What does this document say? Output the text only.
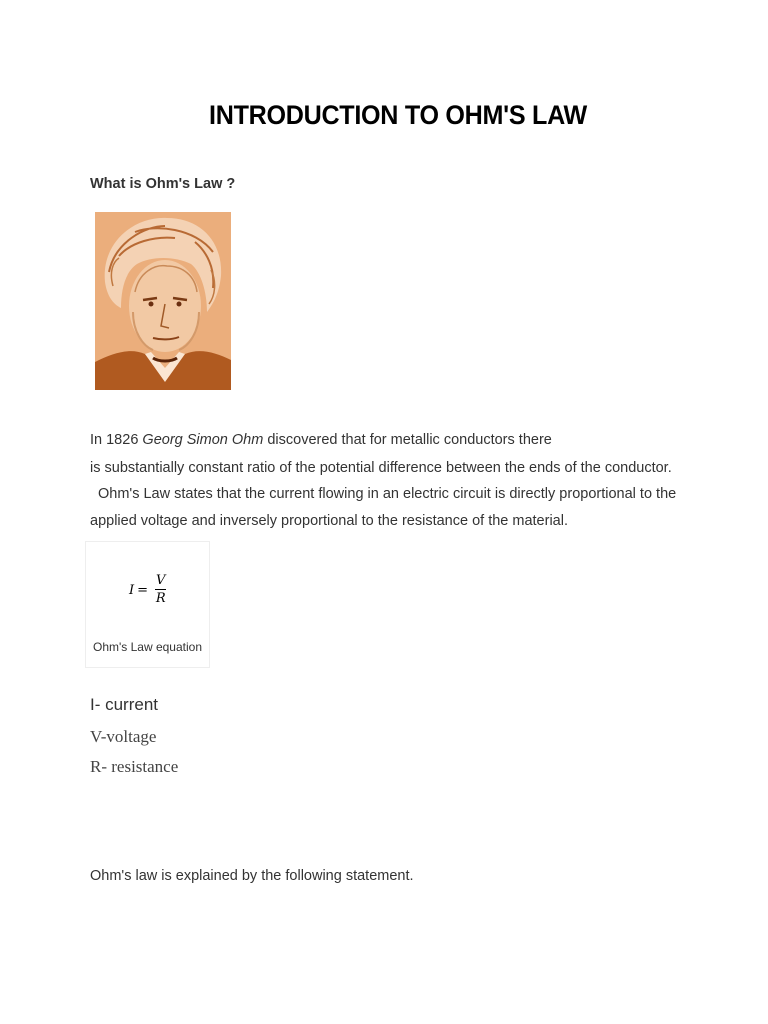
INTRODUCTION TO OHM'S LAW
What is Ohm's Law ?

In 1826 Georg Simon Ohm discovered that for metallic conductors there

is substantially constant ratio of the potential difference between the ends of the conductor.

Ohm's Law states that the current flowing in an electric circuit is directly proportional to the

applied voltage and inversely proportional to the resistance of the material.

$I = \frac{V}{R}$
Ohm's Law equation

I- current

V-voltage

R- resistance

Ohm's law is explained by the following statement.
